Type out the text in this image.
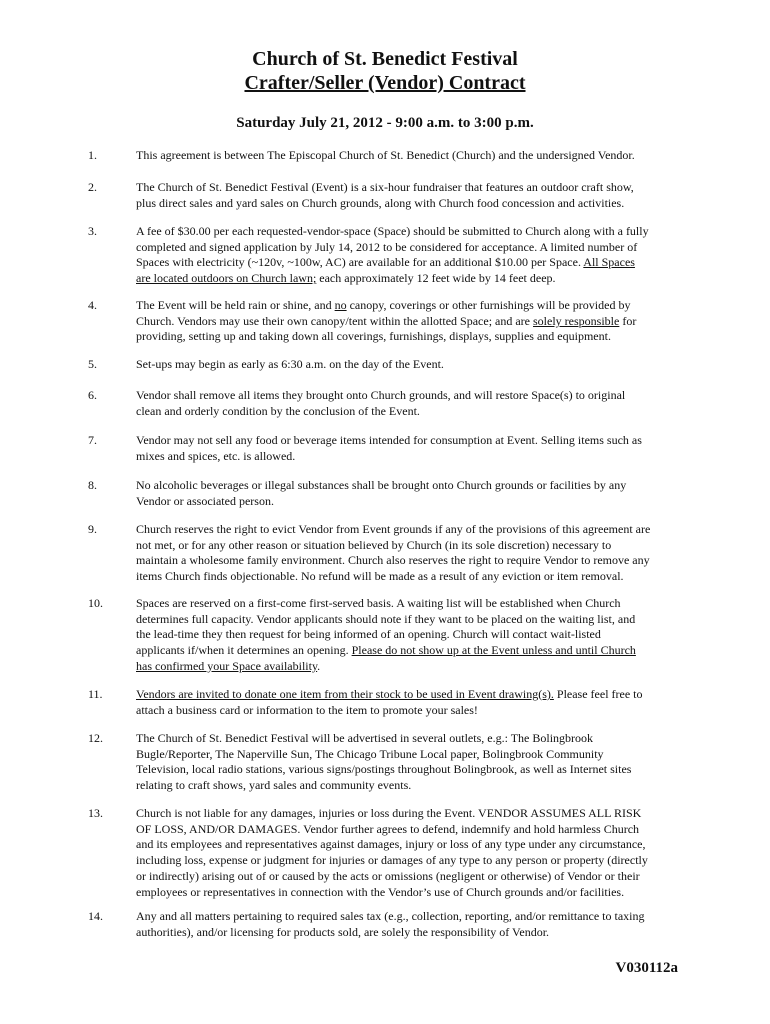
Church of St. Benedict Festival
Crafter/Seller (Vendor) Contract
Saturday July 21, 2012 - 9:00 a.m. to 3:00 p.m.
1.	This agreement is between The Episcopal Church of St. Benedict (Church) and the undersigned Vendor.
2.	The Church of St. Benedict Festival (Event) is a six-hour fundraiser that features an outdoor craft show,
plus direct sales and yard sales on Church grounds, along with Church food concession and activities.
3.	A fee of $30.00 per each requested-vendor-space (Space) should be submitted to Church along with a fully
completed and signed application by July 14, 2012 to be considered for acceptance. A limited number of
Spaces with electricity (~120v, ~100w, AC) are available for an additional $10.00 per Space. All Spaces
are located outdoors on Church lawn; each approximately 12 feet wide by 14 feet deep.
4.	The Event will be held rain or shine, and no canopy, coverings or other furnishings will be provided by
Church. Vendors may use their own canopy/tent within the allotted Space; and are solely responsible for
providing, setting up and taking down all coverings, furnishings, displays, supplies and equipment.
5.	Set-ups may begin as early as 6:30 a.m. on the day of the Event.
6.	Vendor shall remove all items they brought onto Church grounds, and will restore Space(s) to original
clean and orderly condition by the conclusion of the Event.
7.	Vendor may not sell any food or beverage items intended for consumption at Event. Selling items such as
mixes and spices, etc. is allowed.
8.	No alcoholic beverages or illegal substances shall be brought onto Church grounds or facilities by any
Vendor or associated person.
9.	Church reserves the right to evict Vendor from Event grounds if any of the provisions of this agreement are
not met, or for any other reason or situation believed by Church (in its sole discretion) necessary to
maintain a wholesome family environment. Church also reserves the right to require Vendor to remove any
items Church finds objectionable. No refund will be made as a result of any eviction or item removal.
10.	Spaces are reserved on a first-come first-served basis. A waiting list will be established when Church
determines full capacity. Vendor applicants should note if they want to be placed on the waiting list, and
the lead-time they then request for being informed of an opening. Church will contact wait-listed
applicants if/when it determines an opening. Please do not show up at the Event unless and until Church
has confirmed your Space availability.
11.	Vendors are invited to donate one item from their stock to be used in Event drawing(s). Please feel free to
attach a business card or information to the item to promote your sales!
12.	The Church of St. Benedict Festival will be advertised in several outlets, e.g.: The Bolingbrook
Bugle/Reporter, The Naperville Sun, The Chicago Tribune Local paper, Bolingbrook Community
Television, local radio stations, various signs/postings throughout Bolingbrook, as well as Internet sites
relating to craft shows, yard sales and community events.
13.	Church is not liable for any damages, injuries or loss during the Event. VENDOR ASSUMES ALL RISK
OF LOSS, AND/OR DAMAGES. Vendor further agrees to defend, indemnify and hold harmless Church
and its employees and representatives against damages, injury or loss of any type under any circumstance,
including loss, expense or judgment for injuries or damages of any type to any person or property (directly
or indirectly) arising out of or caused by the acts or omissions (negligent or otherwise) of Vendor or their
employees or representatives in connection with the Vendor’s use of Church grounds and/or facilities.
14.	Any and all matters pertaining to required sales tax (e.g., collection, reporting, and/or remittance to taxing
authorities), and/or licensing for products sold, are solely the responsibility of Vendor.
V030112a
